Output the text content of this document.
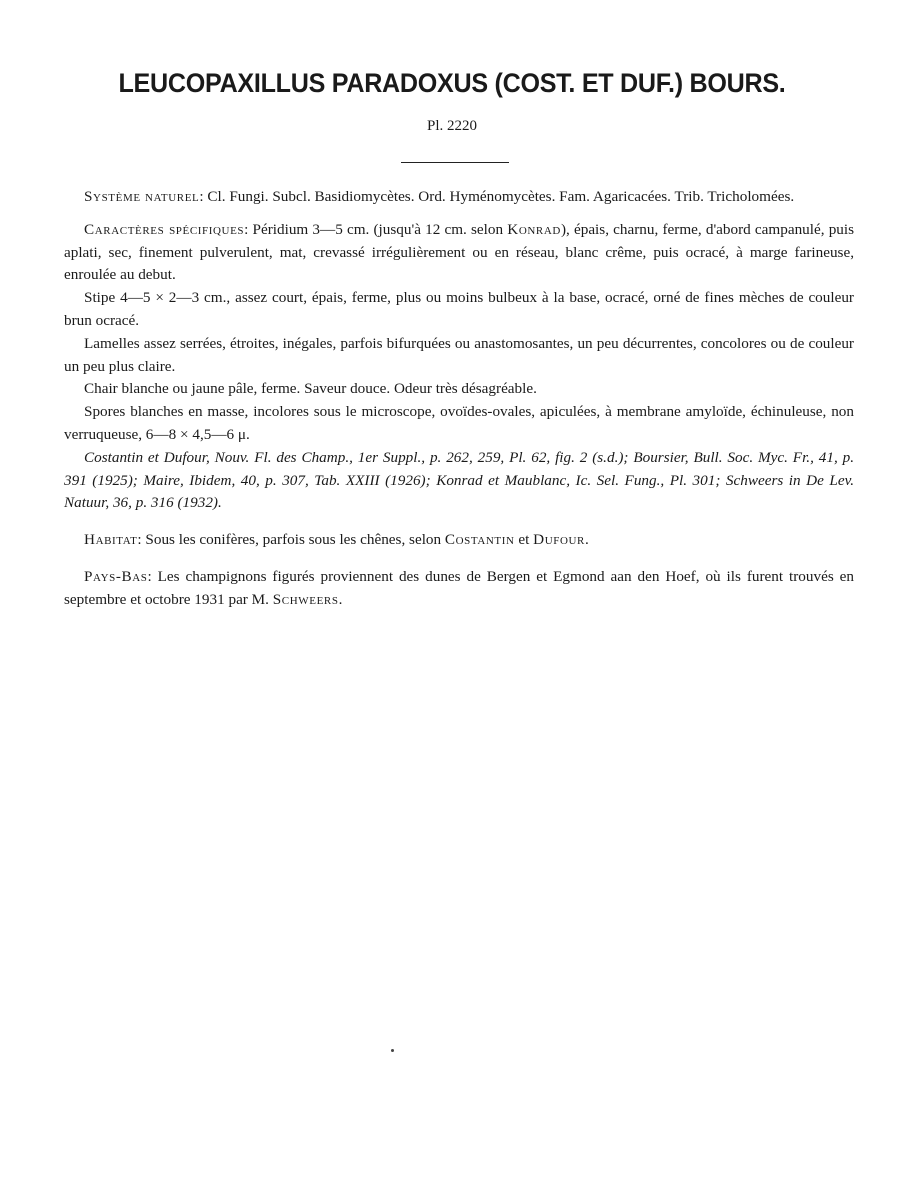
LEUCOPAXILLUS PARADOXUS (COST. ET DUF.) BOURS.
Pl. 2220

Système naturel: Cl. Fungi. Subcl. Basidiomycètes. Ord. Hyménomycètes. Fam. Agaricacées. Trib. Tricholomées.

Caractères spécifiques: Péridium 3—5 cm. (jusqu'à 12 cm. selon Konrad), épais, charnu, ferme, d'abord campanulé, puis aplati, sec, finement pulverulent, mat, crevassé irrégulièrement ou en réseau, blanc crême, puis ocracé, à marge farineuse, enroulée au debut.

Stipe 4—5 × 2—3 cm., assez court, épais, ferme, plus ou moins bulbeux à la base, ocracé, orné de fines mèches de couleur brun ocracé.

Lamelles assez serrées, étroites, inégales, parfois bifurquées ou anastomosantes, un peu décurrentes, concolores ou de couleur un peu plus claire.

Chair blanche ou jaune pâle, ferme. Saveur douce. Odeur très désagréable.

Spores blanches en masse, incolores sous le microscope, ovoïdes-ovales, apiculées, à membrane amyloïde, échinuleuse, non verruqueuse, 6—8 × 4,5—6 μ.

Costantin et Dufour, Nouv. Fl. des Champ., 1er Suppl., p. 262, 259, Pl. 62, fig. 2 (s.d.); Boursier, Bull. Soc. Myc. Fr., 41, p. 391 (1925); Maire, Ibidem, 40, p. 307, Tab. XXIII (1926); Konrad et Maublanc, Ic. Sel. Fung., Pl. 301; Schweers in De Lev. Natuur, 36, p. 316 (1932).

Habitat: Sous les conifères, parfois sous les chênes, selon Costantin et Dufour.

Pays-Bas: Les champignons figurés proviennent des dunes de Bergen et Egmond aan den Hoef, où ils furent trouvés en septembre et octobre 1931 par M. Schweers.
